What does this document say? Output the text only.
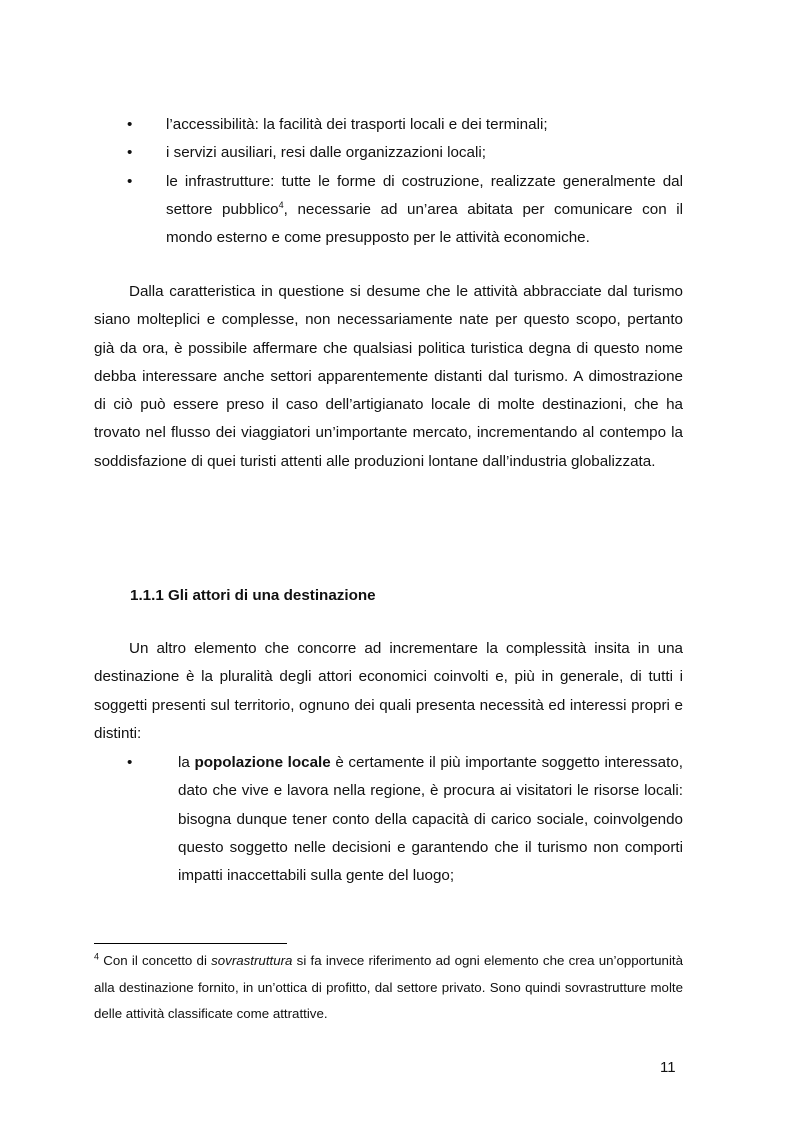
• l’accessibilità: la facilità dei trasporti locali e dei terminali;
• i servizi ausiliari, resi dalle organizzazioni locali;
• le infrastrutture: tutte le forme di costruzione, realizzate generalmente dal settore pubblico$^4$, necessarie ad un’area abitata per comunicare con il mondo esterno e come presupposto per le attività economiche.

Dalla caratteristica in questione si desume che le attività abbracciate dal turismo siano molteplici e complesse, non necessariamente nate per questo scopo, pertanto già da ora, è possibile affermare che qualsiasi politica turistica degna di questo nome debba interessare anche settori apparentemente distanti dal turismo. A dimostrazione di ciò può essere preso il caso dell’artigianato locale di molte destinazioni, che ha trovato nel flusso dei viaggiatori un’importante mercato, incrementando al contempo la soddisfazione di quei turisti attenti alle produzioni lontane dall’industria globalizzata.

1.1.1 Gli attori di una destinazione

Un altro elemento che concorre ad incrementare la complessità insita in una destinazione è la pluralità degli attori economici coinvolti e, più in generale, di tutti i soggetti presenti sul territorio, ognuno dei quali presenta necessità ed interessi propri e distinti:

•	la popolazione locale è certamente il più importante soggetto interessato, dato che vive e lavora nella regione, è procura ai visitatori le risorse locali: bisogna dunque tener conto della capacità di carico sociale, coinvolgendo questo soggetto nelle decisioni e garantendo che il turismo non comporti impatti inaccettabili sulla gente del luogo;
$^4$ Con il concetto di sovrastruttura si fa invece riferimento ad ogni elemento che crea un’opportunità alla destinazione fornito, in un’ottica di profitto, dal settore privato. Sono quindi sovrastrutture molte delle attività classificate come attrattive.
11
